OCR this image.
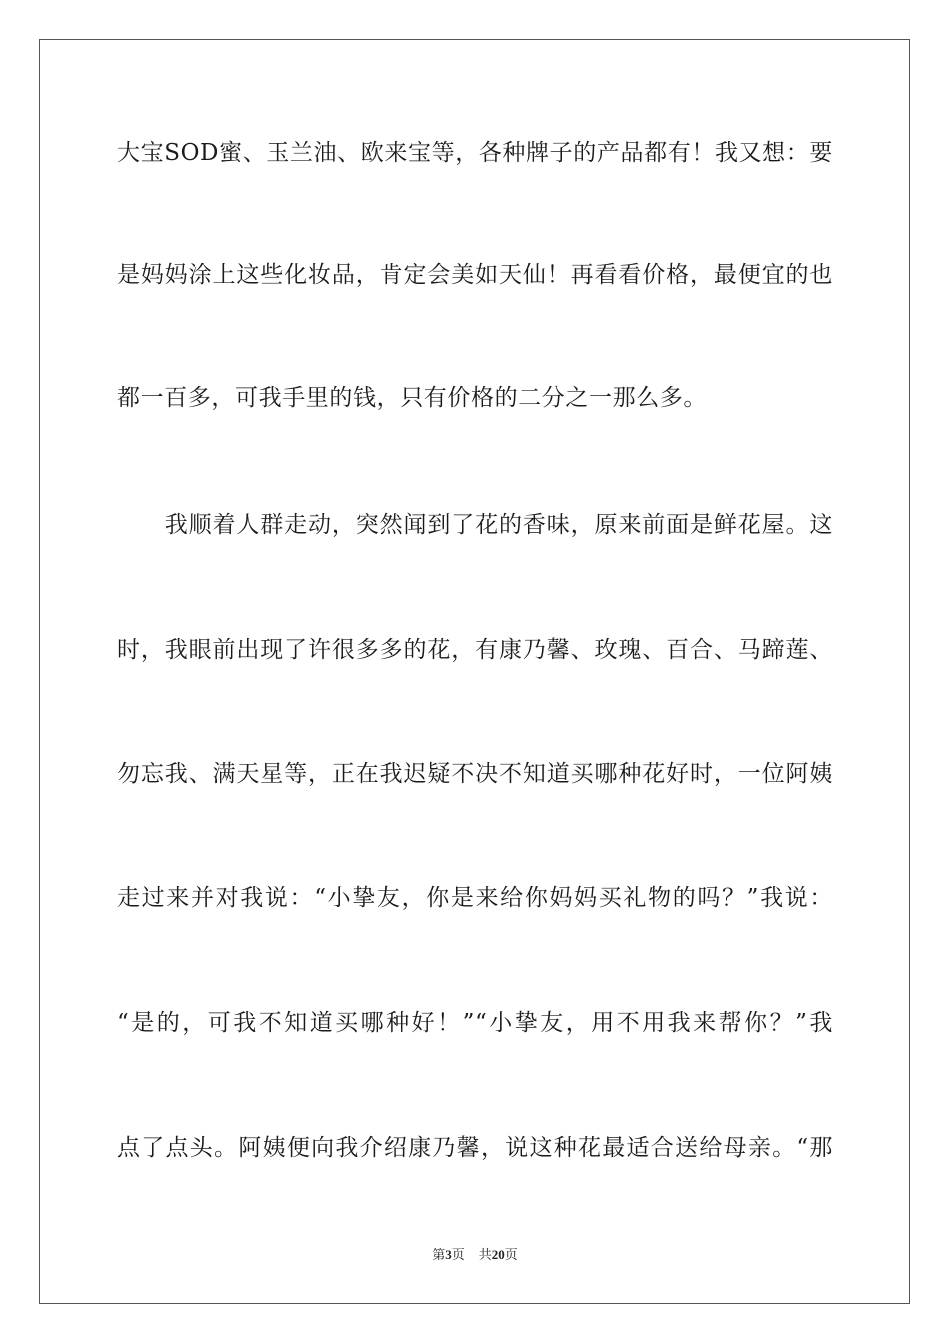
大宝SOD蜜、玉兰油、欧来宝等，各种牌子的产品都有！我又想：要
是妈妈涂上这些化妆品，肯定会美如天仙！再看看价格，最便宜的也
都一百多，可我手里的钱，只有价格的二分之一那么多。
　　我顺着人群走动，突然闻到了花的香味，原来前面是鲜花屋。这
时，我眼前出现了许很多多的花，有康乃馨、玫瑰、百合、马蹄莲、
勿忘我、满天星等，正在我迟疑不决不知道买哪种花好时，一位阿姨
走过来并对我说：“小挚友，你是来给你妈妈买礼物的吗？”我说：
“是的，可我不知道买哪种好！”“小挚友，用不用我来帮你？”我
点了点头。阿姨便向我介绍康乃馨，说这种花最适合送给母亲。“那
第3页 共20页
